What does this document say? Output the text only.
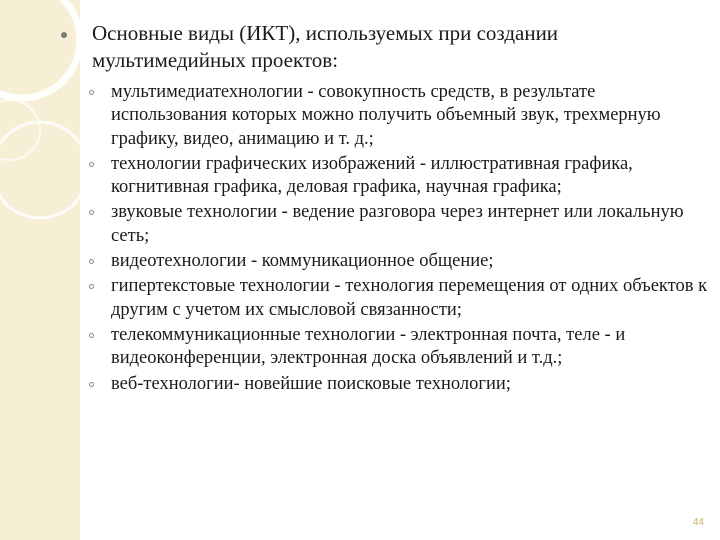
Основные виды (ИКТ), используемых при создании мультимедийных проектов:
мультимедиатехнологии - совокупность средств, в результате использования которых можно получить объемный звук, трехмерную графику, видео, анимацию и т. д.;
технологии графических изображений - иллюстративная графика, когнитивная графика, деловая графика, научная графика;
звуковые технологии - ведение разговора через интернет или локальную сеть;
видеотехнологии - коммуникационное общение;
гипертекстовые технологии - технология перемещения от одних объектов к другим с учетом их смысловой связанности;
телекоммуникационные технологии - электронная почта, теле - и видеоконференции, электронная доска объявлений и т.д.;
веб-технологии- новейшие поисковые технологии;
44
